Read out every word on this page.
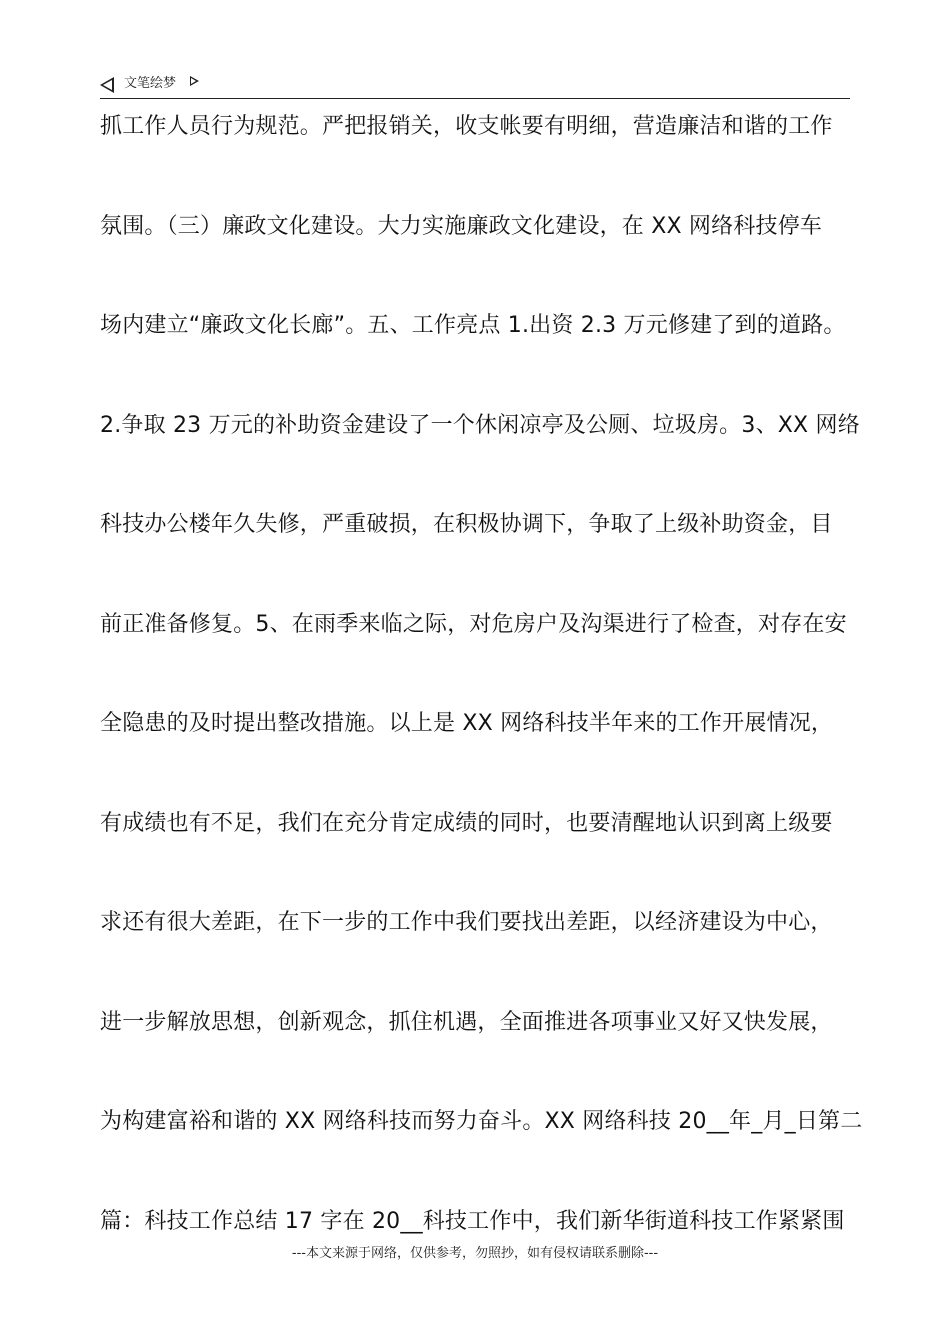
文笔绘梦
抓工作人员行为规范。严把报销关，收支帐要有明细，营造廉洁和谐的工作
氛围。（三）廉政文化建设。大力实施廉政文化建设，在 XX 网络科技停车
场内建立“廉政文化长廊”。五、工作亮点 1.出资 2.3 万元修建了到的道路。
2.争取 23 万元的补助资金建设了一个休闲凉亭及公厕、垃圾房。3、XX 网络
科技办公楼年久失修，严重破损，在积极协调下，争取了上级补助资金，目
前正准备修复。5、在雨季来临之际，对危房户及沟渠进行了检查，对存在安
全隐患的及时提出整改措施。以上是 XX 网络科技半年来的工作开展情况，
有成绩也有不足，我们在充分肯定成绩的同时，也要清醒地认识到离上级要
求还有很大差距，在下一步的工作中我们要找出差距，以经济建设为中心，
进一步解放思想，创新观念，抓住机遇，全面推进各项事业又好又快发展，
为构建富裕和谐的 XX 网络科技而努力奋斗。XX 网络科技 20__年_月_日第二
篇：科技工作总结 17 字在 20__科技工作中，我们新华街道科技工作紧紧围
---本文来源于网络，仅供参考，勿照抄，如有侵权请联系删除---
